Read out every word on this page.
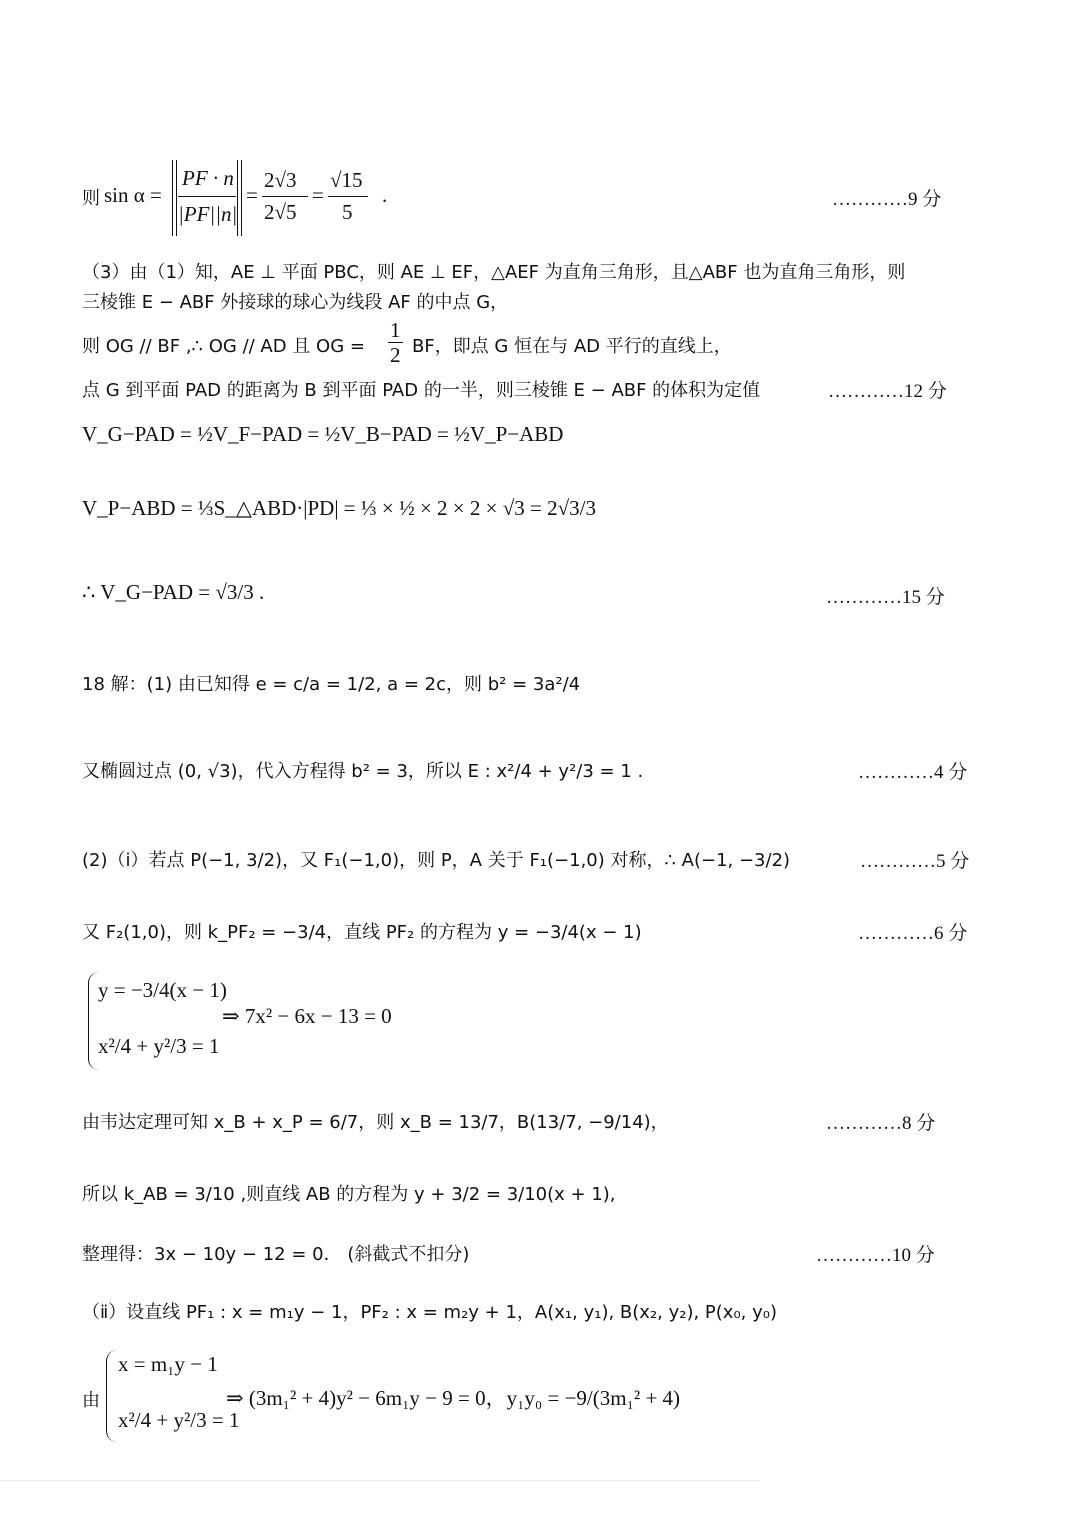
则 sin α =
PF · n
|PF||n|
=
2√3
2√5
=
√15
5
.	…………9 分
（3）由（1）知，AE ⊥ 平面 PBC，则 AE ⊥ EF，△AEF 为直角三角形，且△ABF 也为直角三角形，则
三棱锥 E − ABF 外接球的球心为线段 AF 的中点 G，
则 OG // BF ,∴ OG // AD 且 OG = $\frac{1}{2}$ BF，即点 G 恒在与 AD 平行的直线上，
点 G 到平面 PAD 的距离为 B 到平面 PAD 的一半，则三棱锥 E − ABF 的体积为定值	…………12 分
V_G−PAD = ½V_F−PAD = ½V_B−PAD = ½V_P−ABD
V_P−ABD = ⅓S_△ABD·|PD| = ⅓ × ½ × 2 × 2 × √3 = 2√3/3
∴ V_G−PAD = √3/3 .	…………15 分
18 解：(1) 由已知得 e = c/a = 1/2, a = 2c，则 b² = 3a²/4
又椭圆过点 (0, √3)，代入方程得 b² = 3，所以 E : x²/4 + y²/3 = 1 .	…………4 分
(2)（ⅰ）若点 P(−1, 3/2)，又 F₁(−1,0)，则 P，A 关于 F₁(−1,0) 对称，∴ A(−1, −3/2)	…………5 分
又 F₂(1,0)，则 k_PF₂ = −3/4，直线 PF₂ 的方程为 y = −3/4(x − 1)	…………6 分
y = −3/4(x − 1)
x²/4 + y²/3 = 1
⇒ 7x² − 6x − 13 = 0
由韦达定理可知 x_B + x_P = 6/7，则 x_B = 13/7，B(13/7, −9/14)，	…………8 分
所以 k_AB = 3/10 ,则直线 AB 的方程为 y + 3/2 = 3/10(x + 1),
整理得：3x − 10y − 12 = 0． (斜截式不扣分)	…………10 分
（ⅱ）设直线 PF₁ : x = m₁y − 1，PF₂ : x = m₂y + 1，A(x₁, y₁), B(x₂, y₂), P(x₀, y₀)
由
x = m₁y − 1
x²/4 + y²/3 = 1
⇒ (3m₁² + 4)y² − 6m₁y − 9 = 0，y₁y₀ = −9/(3m₁² + 4)
